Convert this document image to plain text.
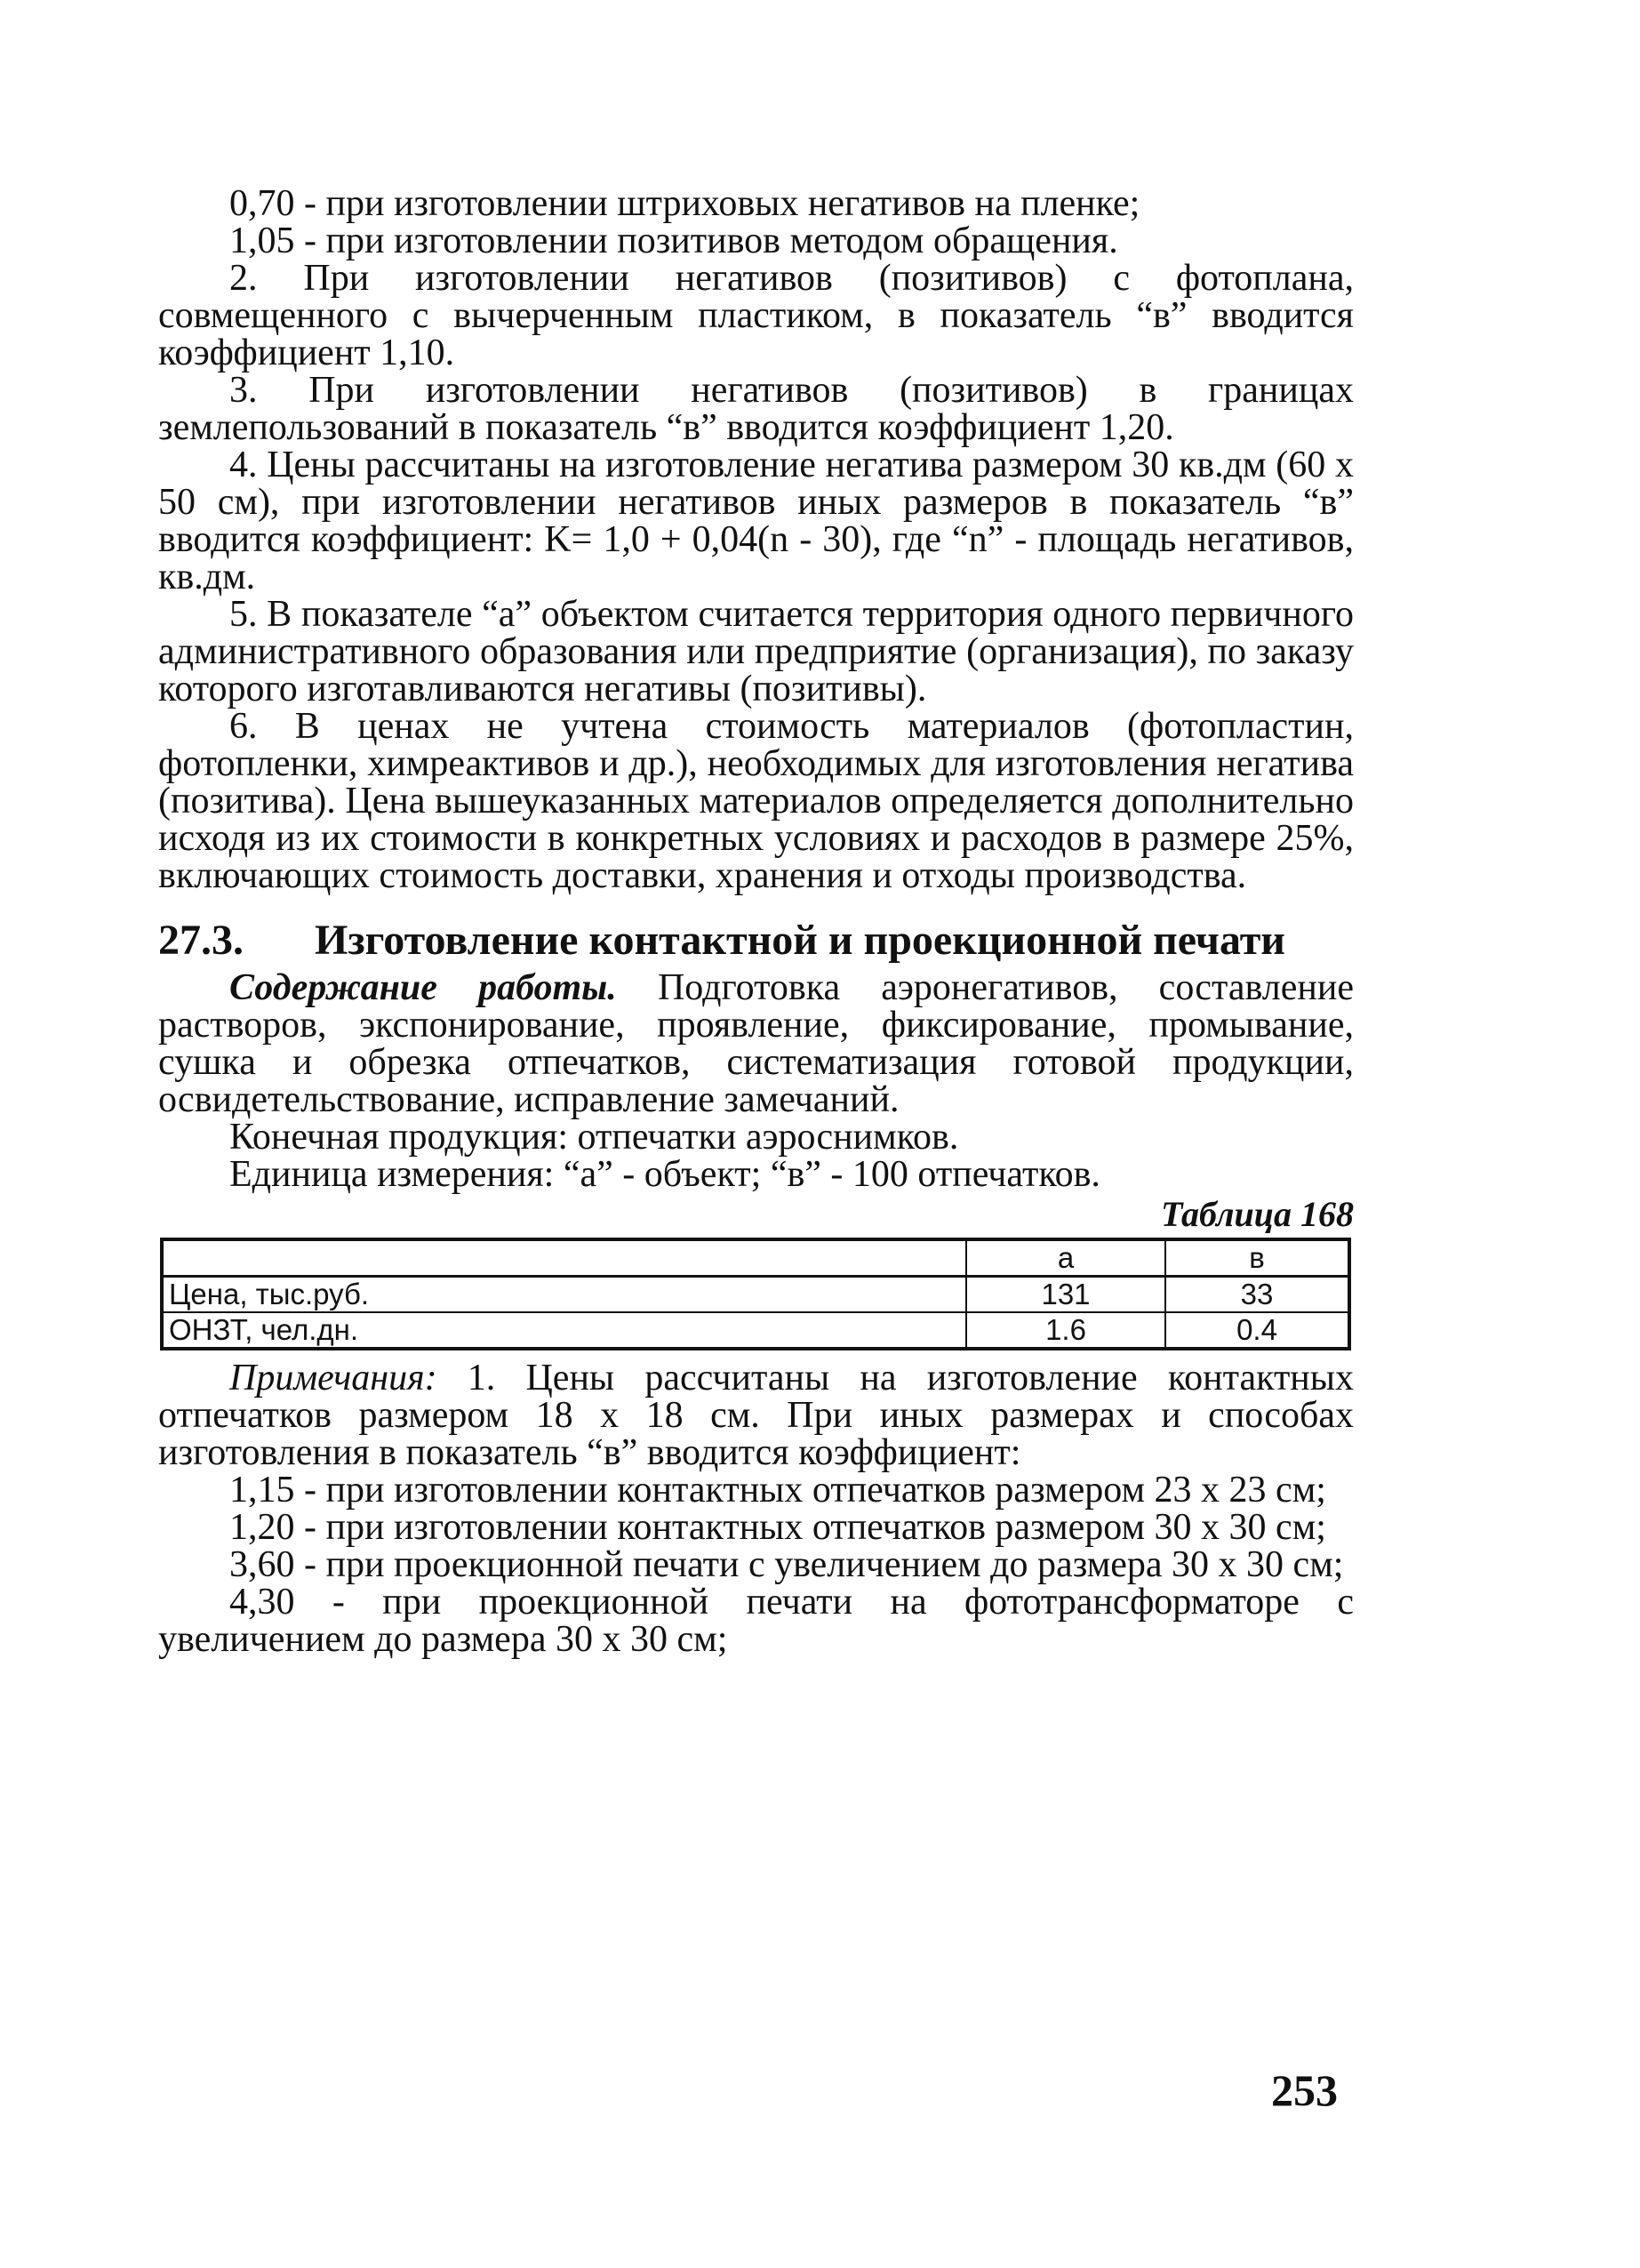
0,70 - при изготовлении штриховых негативов на пленке;

1,05 - при изготовлении позитивов методом обращения.

2. При изготовлении негативов (позитивов) с фотоплана, совмещенного с вычерченным пластиком, в показатель “в” вводится коэффициент 1,10.

3. При изготовлении негативов (позитивов) в границах землепользований в показатель “в” вводится коэффициент 1,20.

4. Цены рассчитаны на изготовление негатива размером 30 кв.дм (60 х 50 см), при изготовлении негативов иных размеров в показатель “в” вводится коэффициент: K= 1,0 + 0,04(n - 30), где “n” - площадь негативов, кв.дм.

5. В показателе “а” объектом считается территория одного первичного административного образования или предприятие (организация), по заказу которого изготавливаются негативы (позитивы).

6. В ценах не учтена стоимость материалов (фотопластин, фотопленки, химреактивов и др.), необходимых для изготовления негатива (позитива). Цена вышеуказанных материалов определяется дополнительно исходя из их стоимости в конкретных условиях и расходов в размере 25%, включающих стоимость доставки, хранения и отходы производства.

27.3.	Изготовление контактной и проекционной печати

Содержание работы. Подготовка аэронегативов, составление растворов, экспонирование, проявление, фиксирование, промывание, сушка и обрезка отпечатков, систематизация готовой продукции, освидетельствование, исправление замечаний.

Конечная продукция: отпечатки аэроснимков.

Единица измерения: “а” - объект; “в” - 100 отпечатков.

Таблица 168
	а	в
Цена, тыс.руб.	131	33
ОНЗТ, чел.дн.	1.6	0.4

Примечания: 1. Цены рассчитаны на изготовление контактных отпечатков размером 18 х 18 см. При иных размерах и способах изготовления в показатель “в” вводится коэффициент:

1,15 - при изготовлении контактных отпечатков размером 23 х 23 см;

1,20 - при изготовлении контактных отпечатков размером 30 х 30 см;

3,60 - при проекционной печати с увеличением до размера 30 х 30 см;

4,30 - при проекционной печати на фототрансформаторе с увеличением до размера 30 х 30 см;

253
